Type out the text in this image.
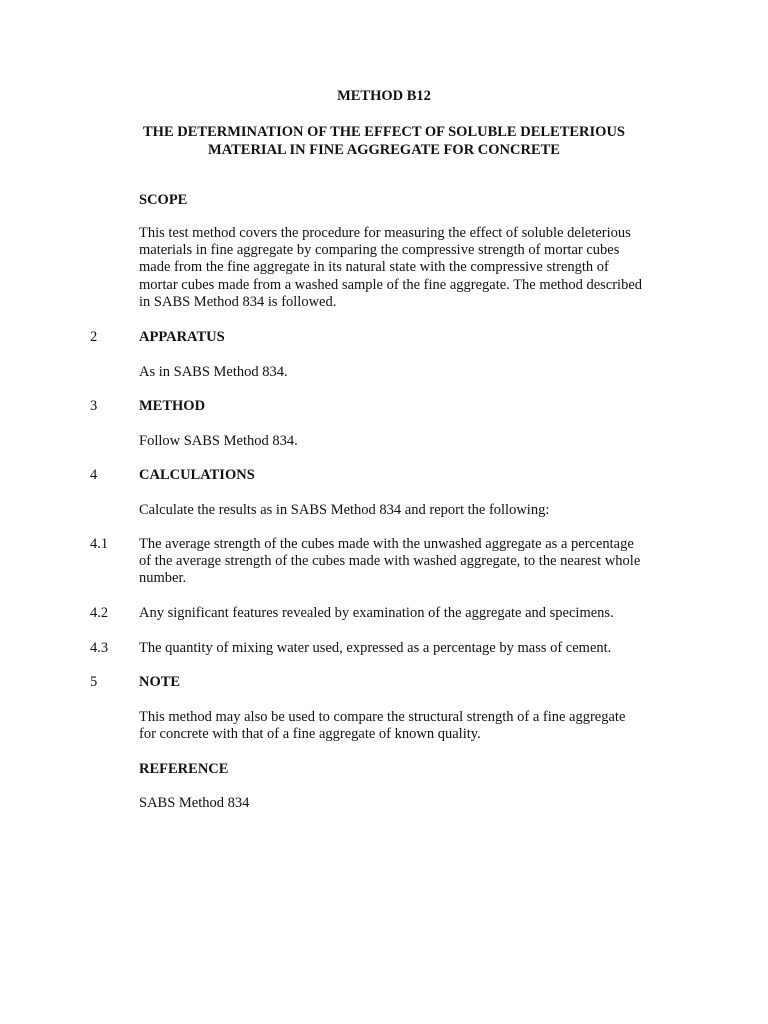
METHOD B12
THE DETERMINATION OF THE EFFECT OF SOLUBLE DELETERIOUS
MATERIAL IN FINE AGGREGATE FOR CONCRETE
SCOPE
This test method covers the procedure for measuring the effect of soluble deleterious
materials in fine aggregate by comparing the compressive strength of mortar cubes
made from the fine aggregate in its natural state with the compressive strength of
mortar cubes made from a washed sample of the fine aggregate. The method described
in SABS Method 834 is followed.
2	APPARATUS
As in SABS Method 834.
3	METHOD
Follow SABS Method 834.
4	CALCULATIONS
Calculate the results as in SABS Method 834 and report the following:
4.1 The average strength of the cubes made with the unwashed aggregate as a percentage
of the average strength of the cubes made with washed aggregate, to the nearest whole
number.
4.2 Any significant features revealed by examination of the aggregate and specimens.
4.3 The quantity of mixing water used, expressed as a percentage by mass of cement.
5	NOTE
This method may also be used to compare the structural strength of a fine aggregate
for concrete with that of a fine aggregate of known quality.
REFERENCE
SABS Method 834
